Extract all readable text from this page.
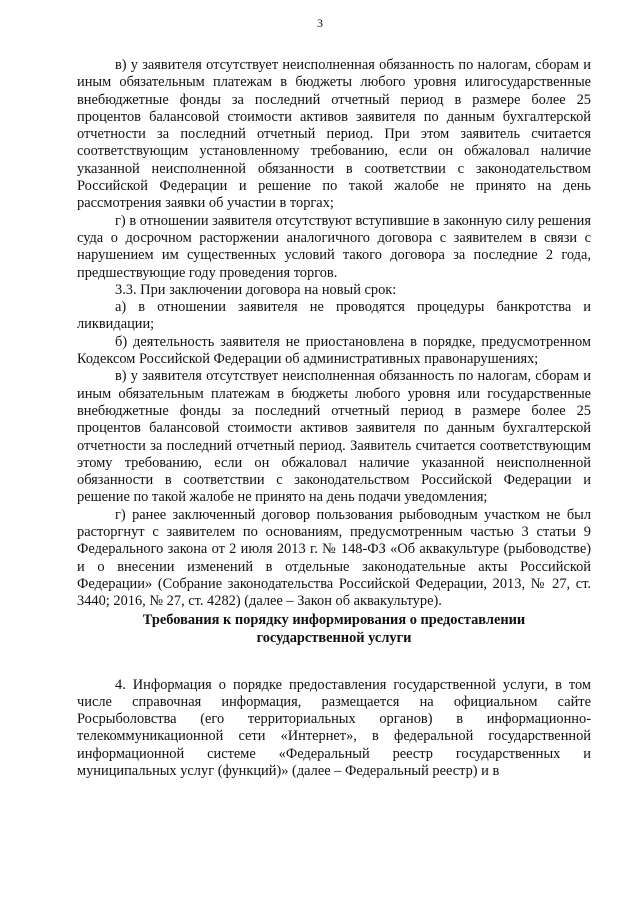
3

в) у заявителя отсутствует неисполненная обязанность по налогам, сборам и иным обязательным платежам в бюджеты любого уровня илигосударственные внебюджетные фонды за последний отчетный период в размере более 25 процентов балансовой стоимости активов заявителя по данным бухгалтерской отчетности за последний отчетный период. При этом заявитель считается соответствующим установленному требованию, если он обжаловал наличие указанной неисполненной обязанности в соответствии с законодательством Российской Федерации и решение по такой жалобе не принято на день рассмотрения заявки об участии в торгах;

г) в отношении заявителя отсутствуют вступившие в законную силу решения суда о досрочном расторжении аналогичного договора с заявителем в связи с нарушением им существенных условий такого договора за последние 2 года, предшествующие году проведения торгов.

3.3. При заключении договора на новый срок:

а) в отношении заявителя не проводятся процедуры банкротства и ликвидации;

б) деятельность заявителя не приостановлена в порядке, предусмотренном Кодексом Российской Федерации об административных правонарушениях;

в) у заявителя отсутствует неисполненная обязанность по налогам, сборам и иным обязательным платежам в бюджеты любого уровня или государственные внебюджетные фонды за последний отчетный период в размере более 25 процентов балансовой стоимости активов заявителя по данным бухгалтерской отчетности за последний отчетный период. Заявитель считается соответствующим этому требованию, если он обжаловал наличие указанной неисполненной обязанности в соответствии с законодательством Российской Федерации и решение по такой жалобе не принято на день подачи уведомления;

г) ранее заключенный договор пользования рыбоводным участком не был расторгнут с заявителем по основаниям, предусмотренным частью 3 статьи 9 Федерального закона от 2 июля 2013 г. № 148-ФЗ «Об аквакультуре (рыбоводстве) и о внесении изменений в отдельные законодательные акты Российской Федерации» (Собрание законодательства Российской Федерации, 2013, № 27, ст. 3440; 2016, № 27, ст. 4282) (далее – Закон об аквакультуре).

Требования к порядку информирования о предоставлении
государственной услуги

4. Информация о порядке предоставления государственной услуги, в том числе справочная информация, размещается на официальном сайте Росрыболовства (его территориальных органов) в информационно-телекоммуникационной сети «Интернет», в федеральной государственной информационной системе «Федеральный реестр государственных и муниципальных услуг (функций)» (далее – Федеральный реестр) и в
